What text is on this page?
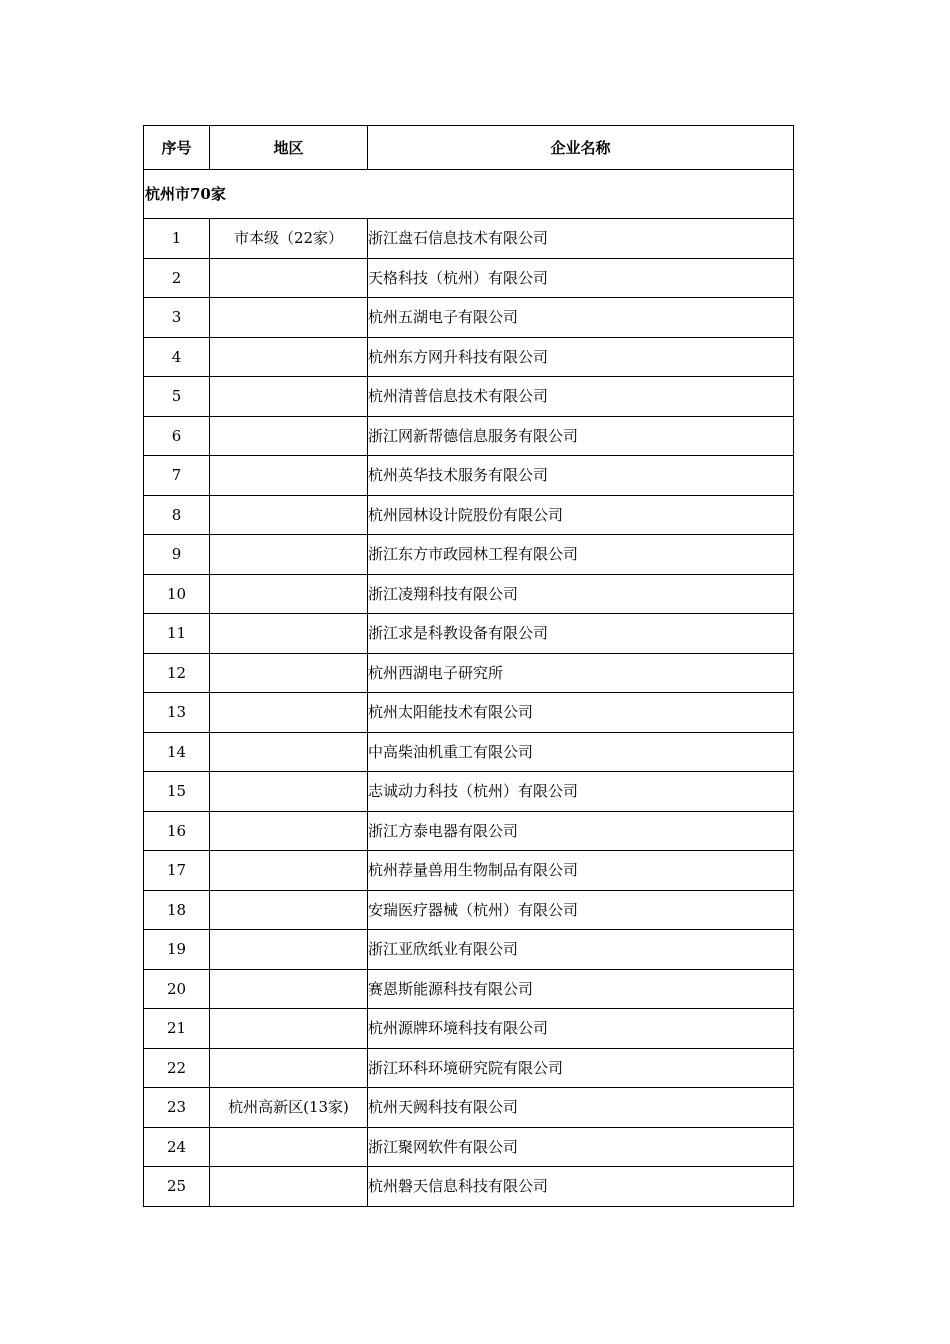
序号	地区	企业名称
杭州市70家		
1	市本级（22家）	浙江盘石信息技术有限公司
2		天格科技（杭州）有限公司
3		杭州五湖电子有限公司
4		杭州东方网升科技有限公司
5		杭州清普信息技术有限公司
6		浙江网新帮德信息服务有限公司
7		杭州英华技术服务有限公司
8		杭州园林设计院股份有限公司
9		浙江东方市政园林工程有限公司
10		浙江凌翔科技有限公司
11		浙江求是科教设备有限公司
12		杭州西湖电子研究所
13		杭州太阳能技术有限公司
14		中高柴油机重工有限公司
15		志诚动力科技（杭州）有限公司
16		浙江方泰电器有限公司
17		杭州荐量兽用生物制品有限公司
18		安瑞医疗器械（杭州）有限公司
19		浙江亚欣纸业有限公司
20		赛恩斯能源科技有限公司
21		杭州源牌环境科技有限公司
22		浙江环科环境研究院有限公司
23	杭州高新区(13家)	杭州天阙科技有限公司
24		浙江聚网软件有限公司
25		杭州磐天信息科技有限公司
